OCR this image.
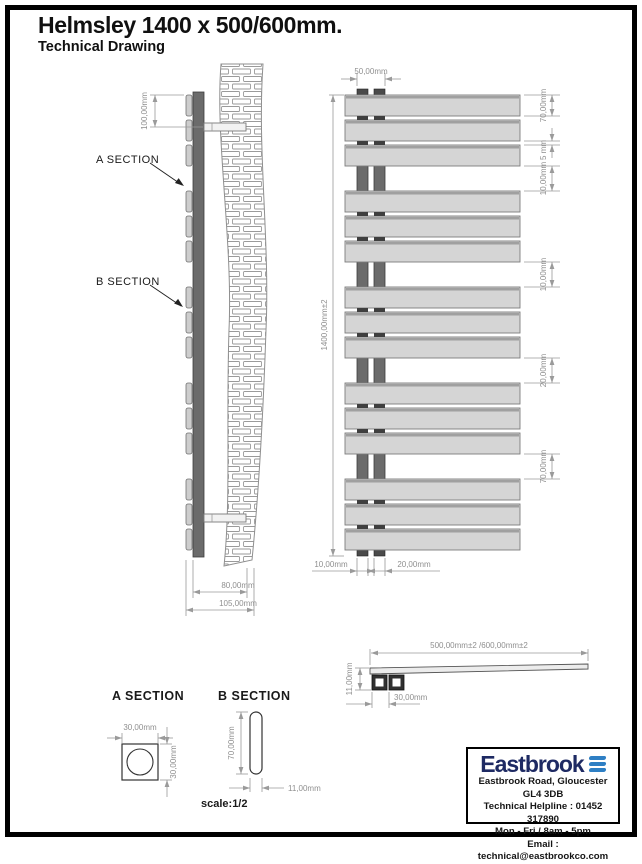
Helmsley 1400 x 500/600mm.
Technical Drawing
100,00mm
A SECTION
B SECTION
80,00mm
105,00mm
50,00mm
1400,00mm±2
70,00mm
5 mm
10,00mm
10,00mm
20,00mm
70,00mm
10,00mm	20,00mm
500,00mm±2 /600,00mm±2
11,00mm
30,00mm
A SECTION	B SECTION
30,00mm
30,00mm
70,00mm
11,00mm
scale:1/2
Eastbrook
Eastbrook Road, Gloucester GL4 3DB
Technical Helpline : 01452 317890
Mon - Fri / 8am - 5pm
Email : technical@eastbrookco.com
